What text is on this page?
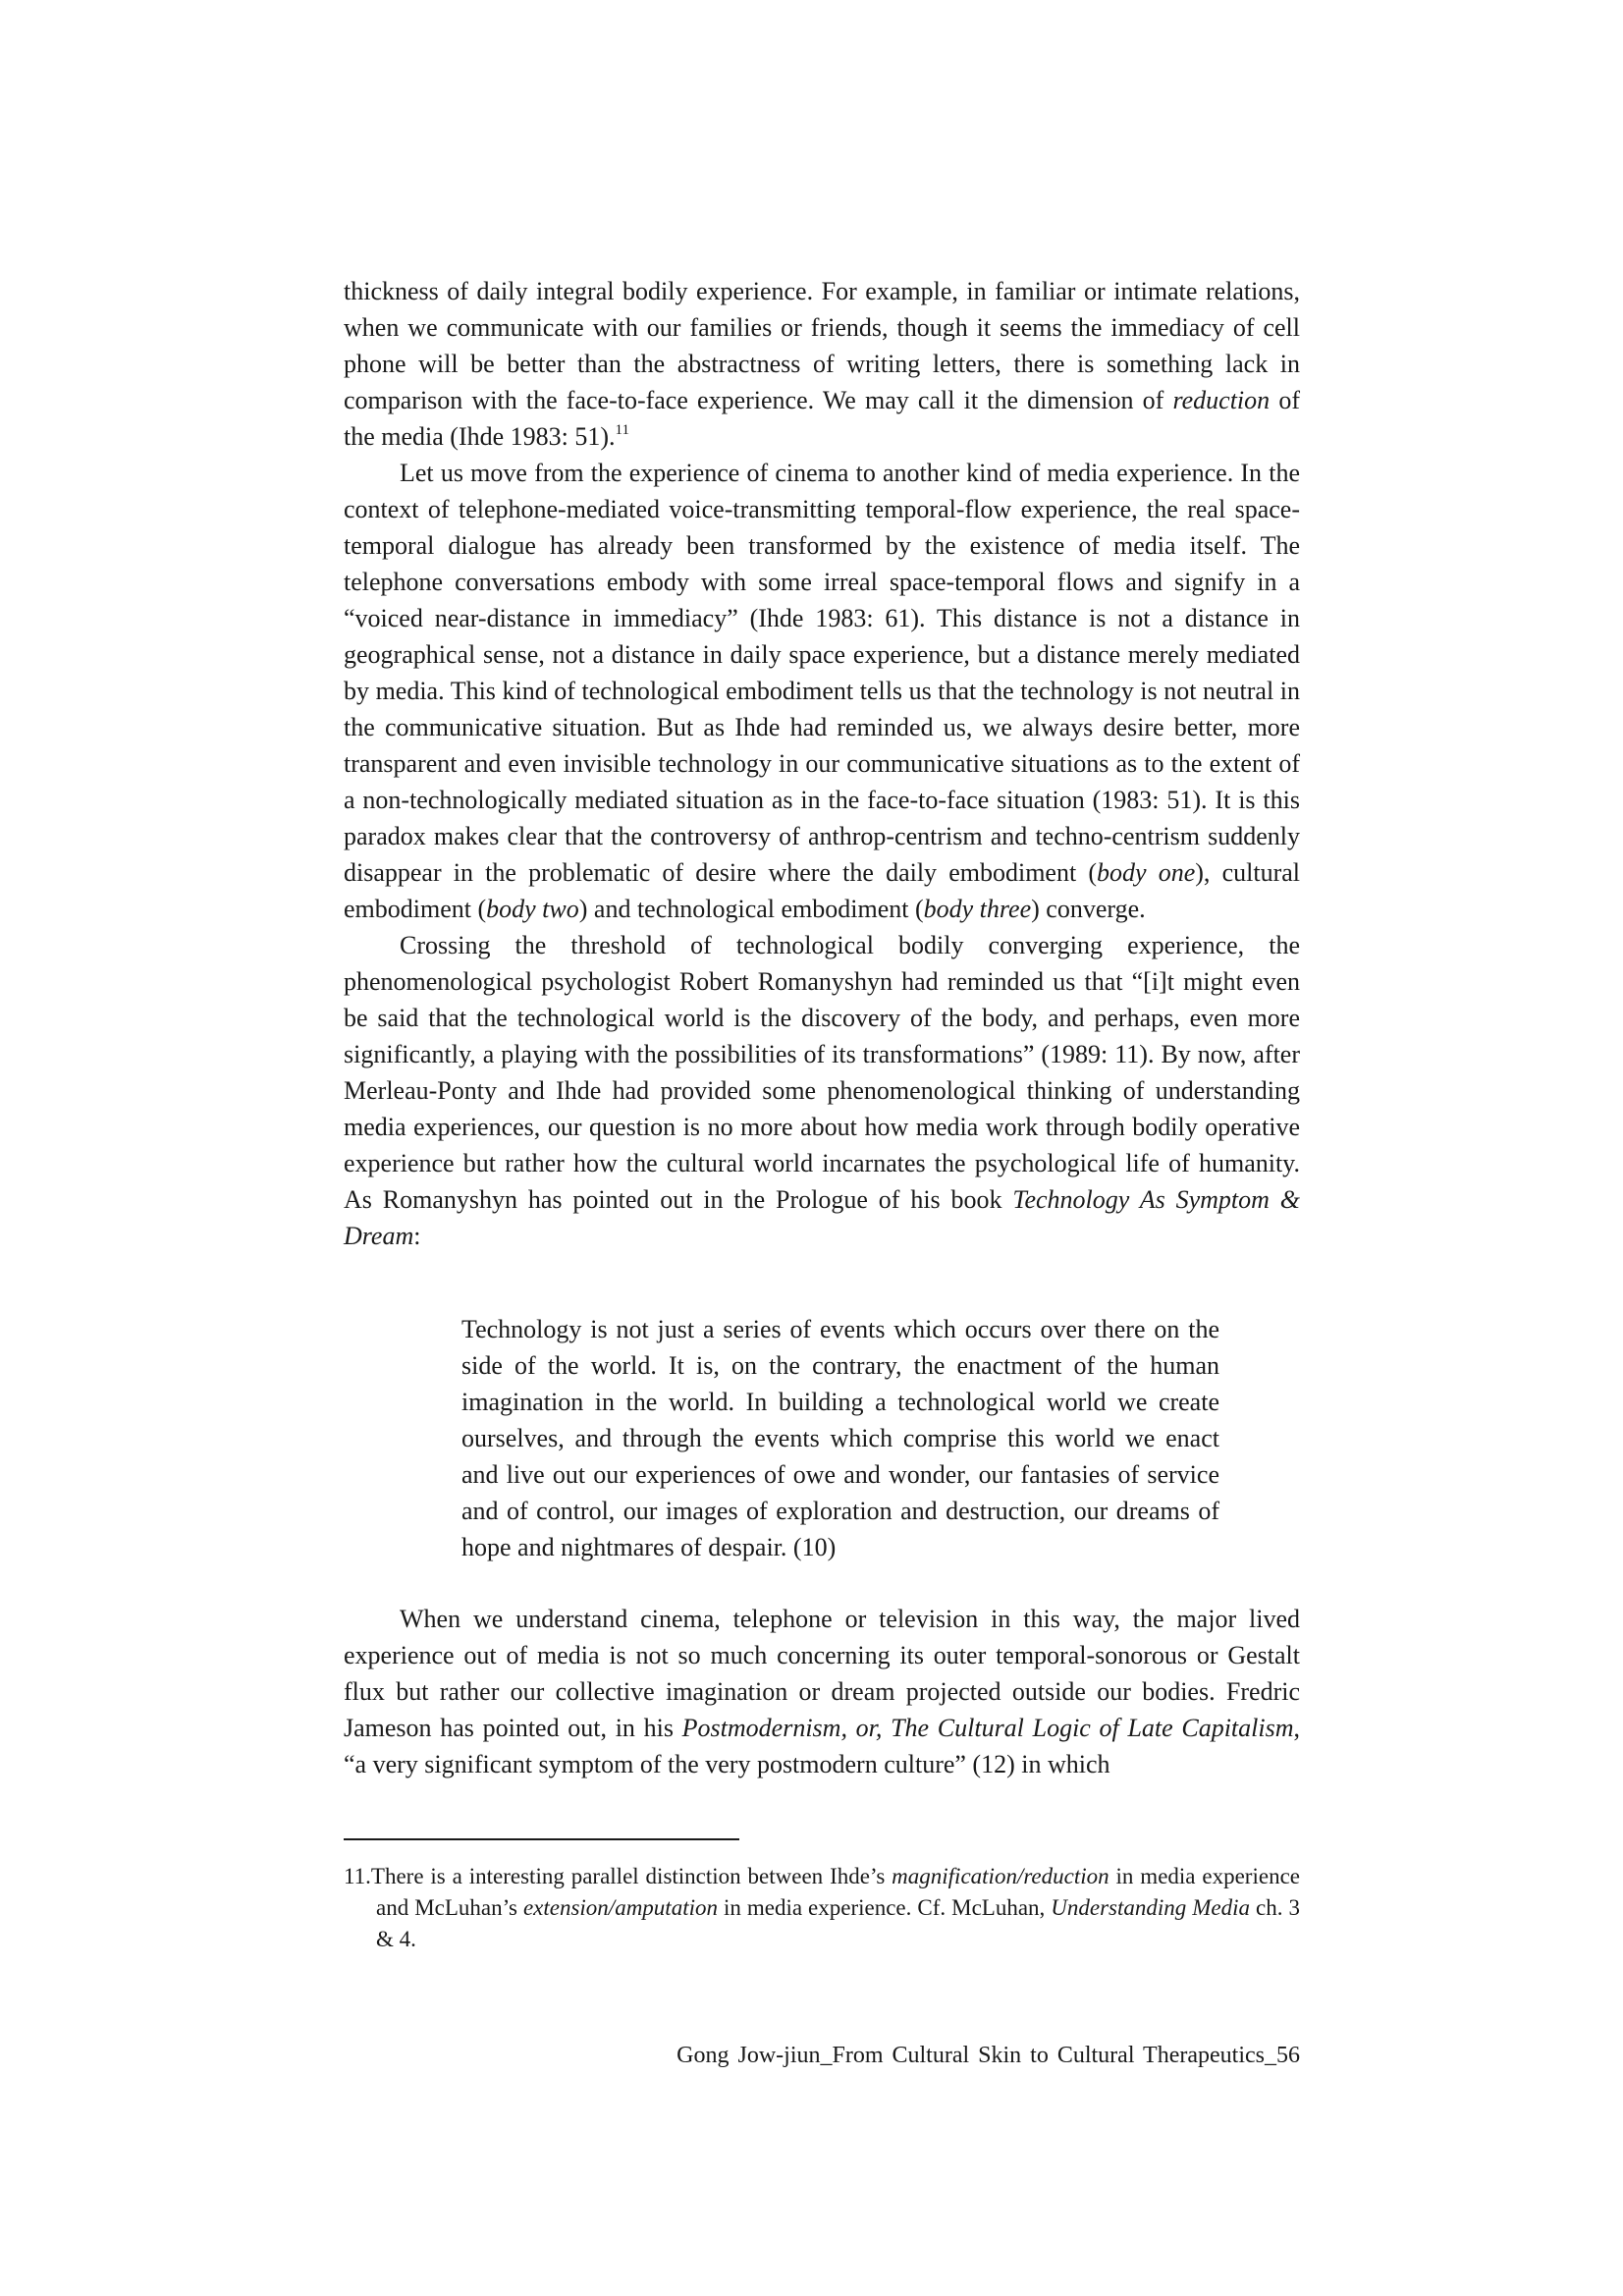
thickness of daily integral bodily experience. For example, in familiar or intimate relations, when we communicate with our families or friends, though it seems the immediacy of cell phone will be better than the abstractness of writing letters, there is something lack in comparison with the face-to-face experience. We may call it the dimension of reduction of the media (Ihde 1983: 51).$^{11}$

Let us move from the experience of cinema to another kind of media experience. In the context of telephone-mediated voice-transmitting temporal-flow experience, the real space-temporal dialogue has already been transformed by the existence of media itself. The telephone conversations embody with some irreal space-temporal flows and signify in a “voiced near-distance in immediacy” (Ihde 1983: 61). This distance is not a distance in geographical sense, not a distance in daily space experience, but a distance merely mediated by media. This kind of technological embodiment tells us that the technology is not neutral in the communicative situation. But as Ihde had reminded us, we always desire better, more transparent and even invisible technology in our communicative situations as to the extent of a non-technologically mediated situation as in the face-to-face situation (1983: 51). It is this paradox makes clear that the controversy of anthrop-centrism and techno-centrism suddenly disappear in the problematic of desire where the daily embodiment (body one), cultural embodiment (body two) and technological embodiment (body three) converge.

Crossing the threshold of technological bodily converging experience, the phenomenological psychologist Robert Romanyshyn had reminded us that “[i]t might even be said that the technological world is the discovery of the body, and perhaps, even more significantly, a playing with the possibilities of its transformations” (1989: 11). By now, after Merleau-Ponty and Ihde had provided some phenomenological thinking of understanding media experiences, our question is no more about how media work through bodily operative experience but rather how the cultural world incarnates the psychological life of humanity. As Romanyshyn has pointed out in the Prologue of his book Technology As Symptom & Dream:

Technology is not just a series of events which occurs over there on the side of the world. It is, on the contrary, the enactment of the human imagination in the world. In building a technological world we create ourselves, and through the events which comprise this world we enact and live out our experiences of owe and wonder, our fantasies of service and of control, our images of exploration and destruction, our dreams of hope and nightmares of despair. (10)

When we understand cinema, telephone or television in this way, the major lived experience out of media is not so much concerning its outer temporal-sonorous or Gestalt flux but rather our collective imagination or dream projected outside our bodies. Fredric Jameson has pointed out, in his Postmodernism, or, The Cultural Logic of Late Capitalism, “a very significant symptom of the very postmodern culture” (12) in which

11.There is a interesting parallel distinction between Ihde’s magnification/reduction in media experience and McLuhan’s extension/amputation in media experience. Cf. McLuhan, Understanding Media ch. 3 & 4.

Gong Jow-jiun_From Cultural Skin to Cultural Therapeutics_56
